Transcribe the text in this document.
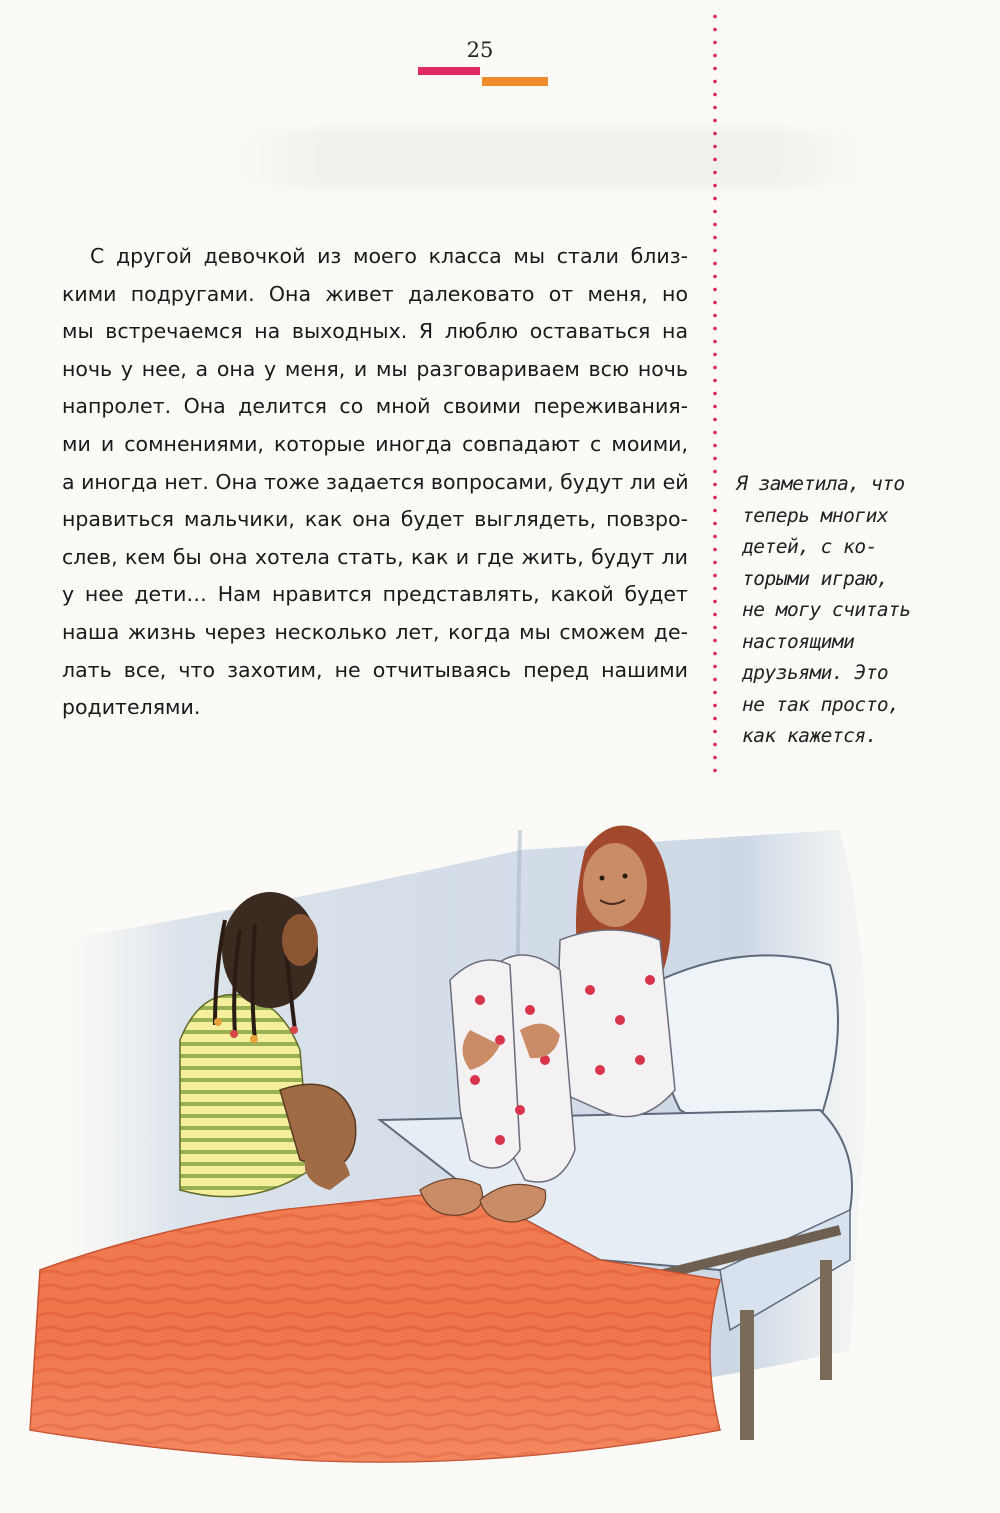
25
С другой девочкой из моего класса мы стали близ-
кими подругами. Она живет далековато от меня, но
мы встречаемся на выходных. Я люблю оставаться на
ночь у нее, а она у меня, и мы разговариваем всю ночь
напролет. Она делится со мной своими переживания-
ми и сомнениями, которые иногда совпадают с моими,
а иногда нет. Она тоже задается вопросами, будут ли ей
нравиться мальчики, как она будет выглядеть, повзро-
слев, кем бы она хотела стать, как и где жить, будут ли
у нее дети… Нам нравится представлять, какой будет
наша жизнь через несколько лет, когда мы сможем де-
лать все, что захотим, не отчитываясь перед нашими
родителями.
Я заметила, что
теперь многих
детей, с ко-
торыми играю,
не могу считать
настоящими
друзьями. Это
не так просто,
как кажется.
